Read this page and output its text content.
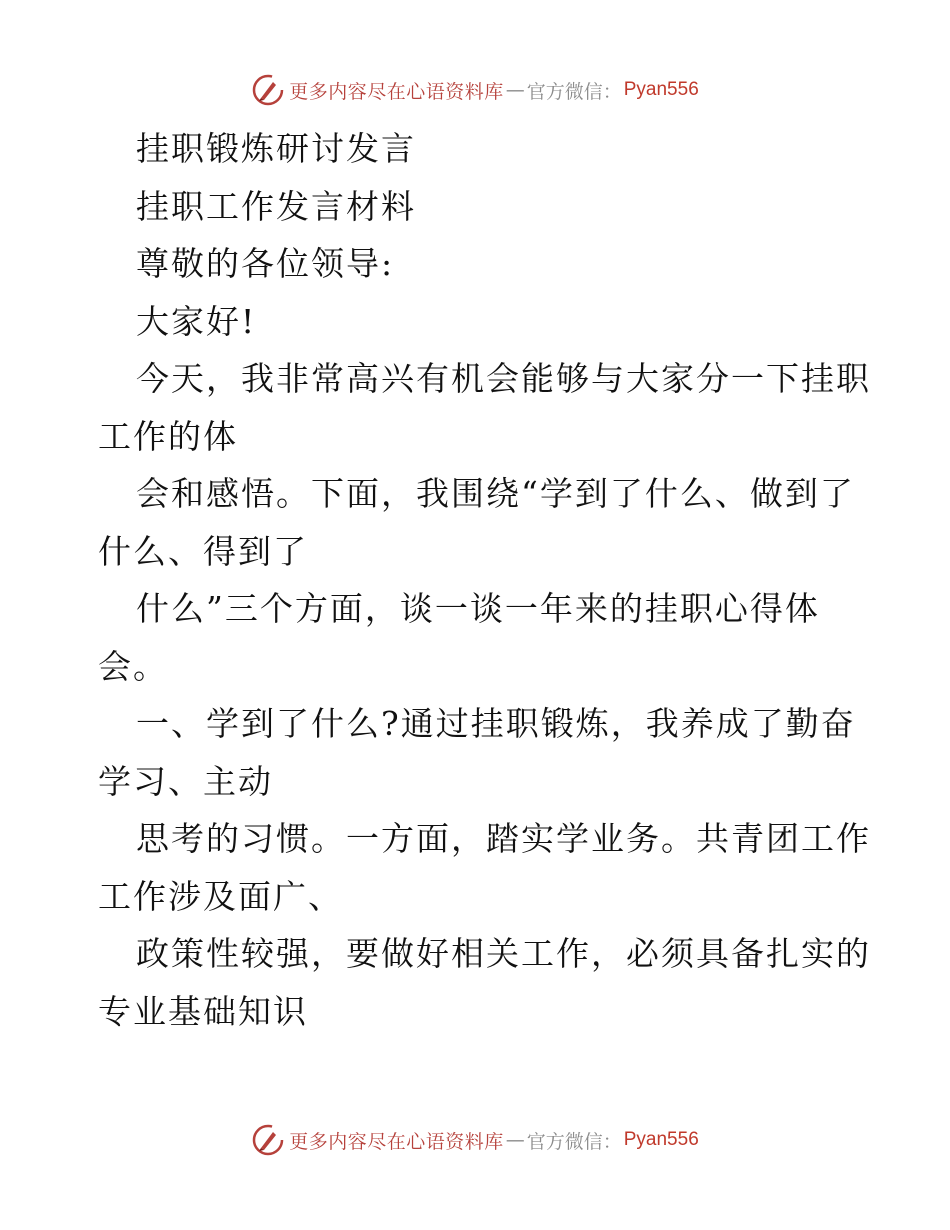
更多内容尽在心语资料库 — 官方微信： Pyan556
挂职锻炼研讨发言
挂职工作发言材料
尊敬的各位领导:
大家好!
今天，我非常高兴有机会能够与大家分一下挂职
工作的体
会和感悟。下面，我围绕“学到了什么、做到了
什么、得到了
什么”三个方面，谈一谈一年来的挂职心得体
会。
一、学到了什么?通过挂职锻炼，我养成了勤奋
学习、主动
思考的习惯。一方面，踏实学业务。共青团工作
工作涉及面广、
政策性较强，要做好相关工作，必须具备扎实的
专业基础知识
更多内容尽在心语资料库 — 官方微信： Pyan556
